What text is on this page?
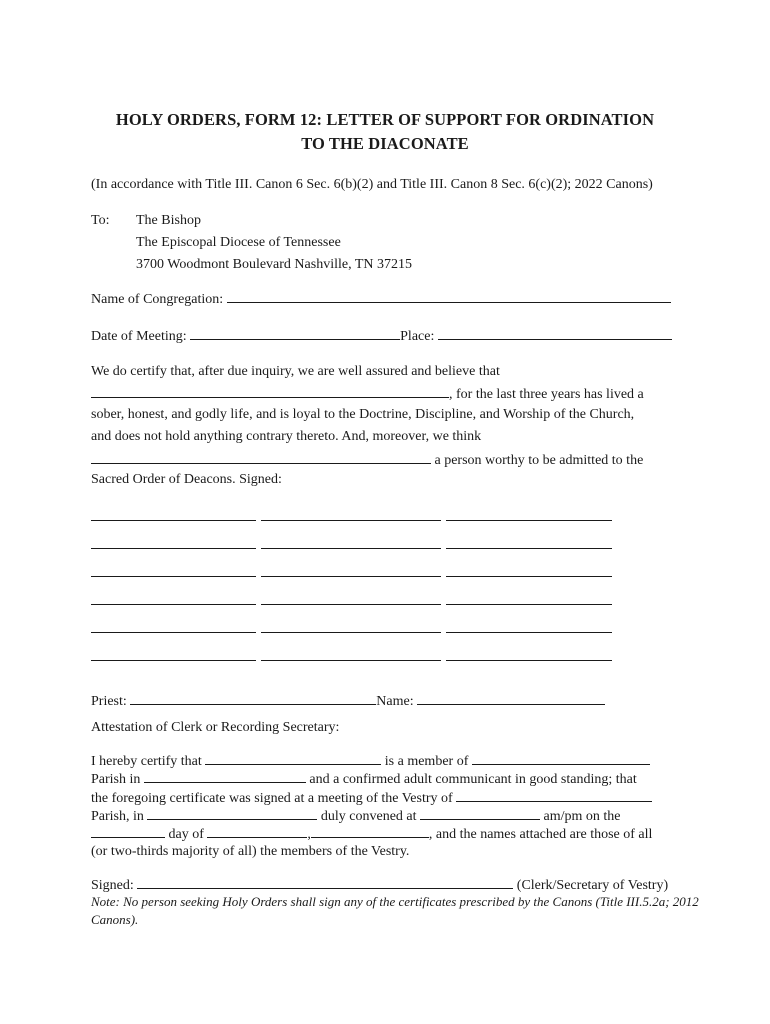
HOLY ORDERS, FORM 12: LETTER OF SUPPORT FOR ORDINATION
TO THE DIACONATE
(In accordance with Title III. Canon 6 Sec. 6(b)(2) and Title III. Canon 8 Sec. 6(c)(2); 2022 Canons)
To: The Bishop
The Episcopal Diocese of Tennessee
3700 Woodmont Boulevard Nashville, TN 37215
Name of Congregation:
Date of Meeting:	Place:
We do certify that, after due inquiry, we are well assured and believe that
, for the last three years has lived a
sober, honest, and godly life, and is loyal to the Doctrine, Discipline, and Worship of the Church,
and does not hold anything contrary thereto. And, moreover, we think
a person worthy to be admitted to the
Sacred Order of Deacons. Signed:
Priest:	Name:
Attestation of Clerk or Recording Secretary:
I hereby certify that	is a member of
Parish in	and a confirmed adult communicant in good standing; that
the foregoing certificate was signed at a meeting of the Vestry of
Parish, in	duly convened at	am/pm on the
day of	,	, and the names attached are those of all
(or two-thirds majority of all) the members of the Vestry.
Signed:	(Clerk/Secretary of Vestry)
Note: No person seeking Holy Orders shall sign any of the certificates prescribed by the Canons (Title III.5.2a; 2012
Canons).
